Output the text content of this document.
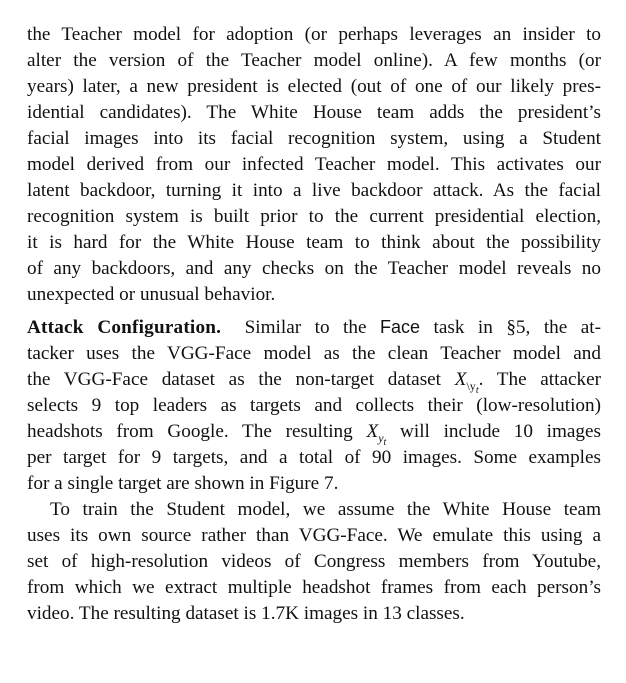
the Teacher model for adoption (or perhaps leverages an insider to
alter the version of the Teacher model online). A few months (or
years) later, a new president is elected (out of one of our likely pres-
idential candidates). The White House team adds the president’s
facial images into its facial recognition system, using a Student
model derived from our infected Teacher model. This activates our
latent backdoor, turning it into a live backdoor attack. As the facial
recognition system is built prior to the current presidential election,
it is hard for the White House team to think about the possibility
of any backdoors, and any checks on the Teacher model reveals no
unexpected or unusual behavior.
Attack Configuration. Similar to the Face task in §5, the at-
tacker uses the VGG-Face model as the clean Teacher model and
the VGG-Face dataset as the non-target dataset $X_{\backslash y_t}$. The attacker
selects 9 top leaders as targets and collects their (low-resolution)
headshots from Google. The resulting $X_{y_t}$ will include 10 images
per target for 9 targets, and a total of 90 images. Some examples
for a single target are shown in Figure 7.
To train the Student model, we assume the White House team
uses its own source rather than VGG-Face. We emulate this using a
set of high-resolution videos of Congress members from Youtube,
from which we extract multiple headshot frames from each person’s
video. The resulting dataset is 1.7K images in 13 classes.
